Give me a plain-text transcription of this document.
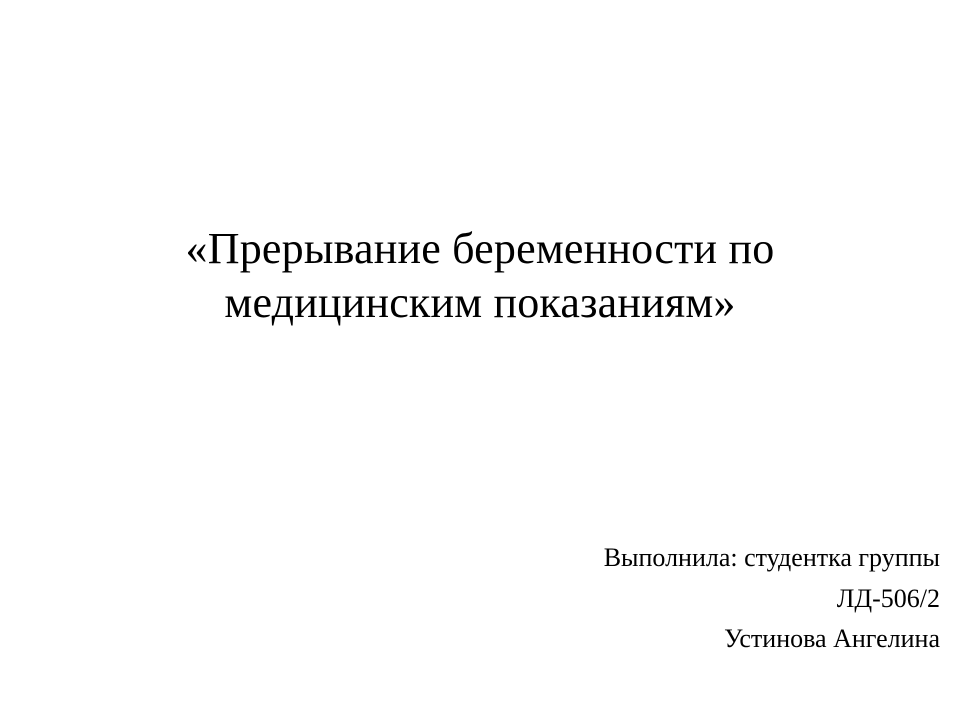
«Прерывание беременности по
медицинским показаниям»
Выполнила: студентка группы
ЛД-506/2
Устинова Ангелина
